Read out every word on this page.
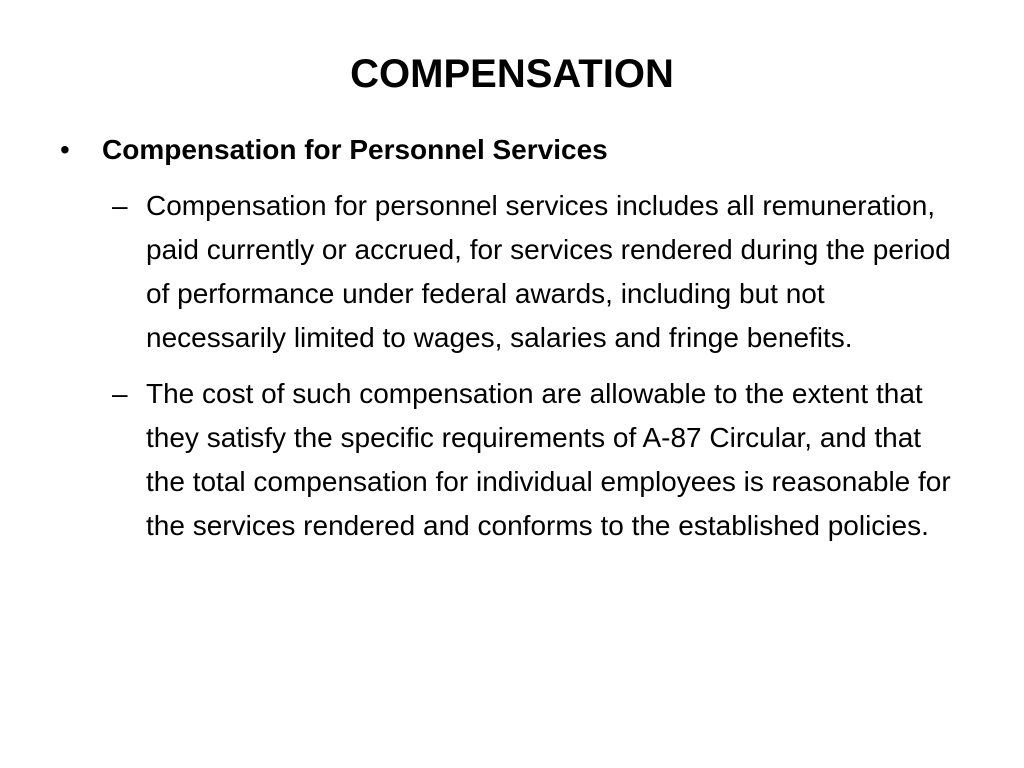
COMPENSATION
•	Compensation for Personnel Services
– Compensation for personnel services includes all remuneration, paid currently or accrued, for services rendered during the period of performance under federal awards, including but not necessarily limited to wages, salaries and fringe benefits.
– The cost of such compensation are allowable to the extent that they satisfy the specific requirements of A-87 Circular, and that the total compensation for individual employees is reasonable for the services rendered and conforms to the established policies.
